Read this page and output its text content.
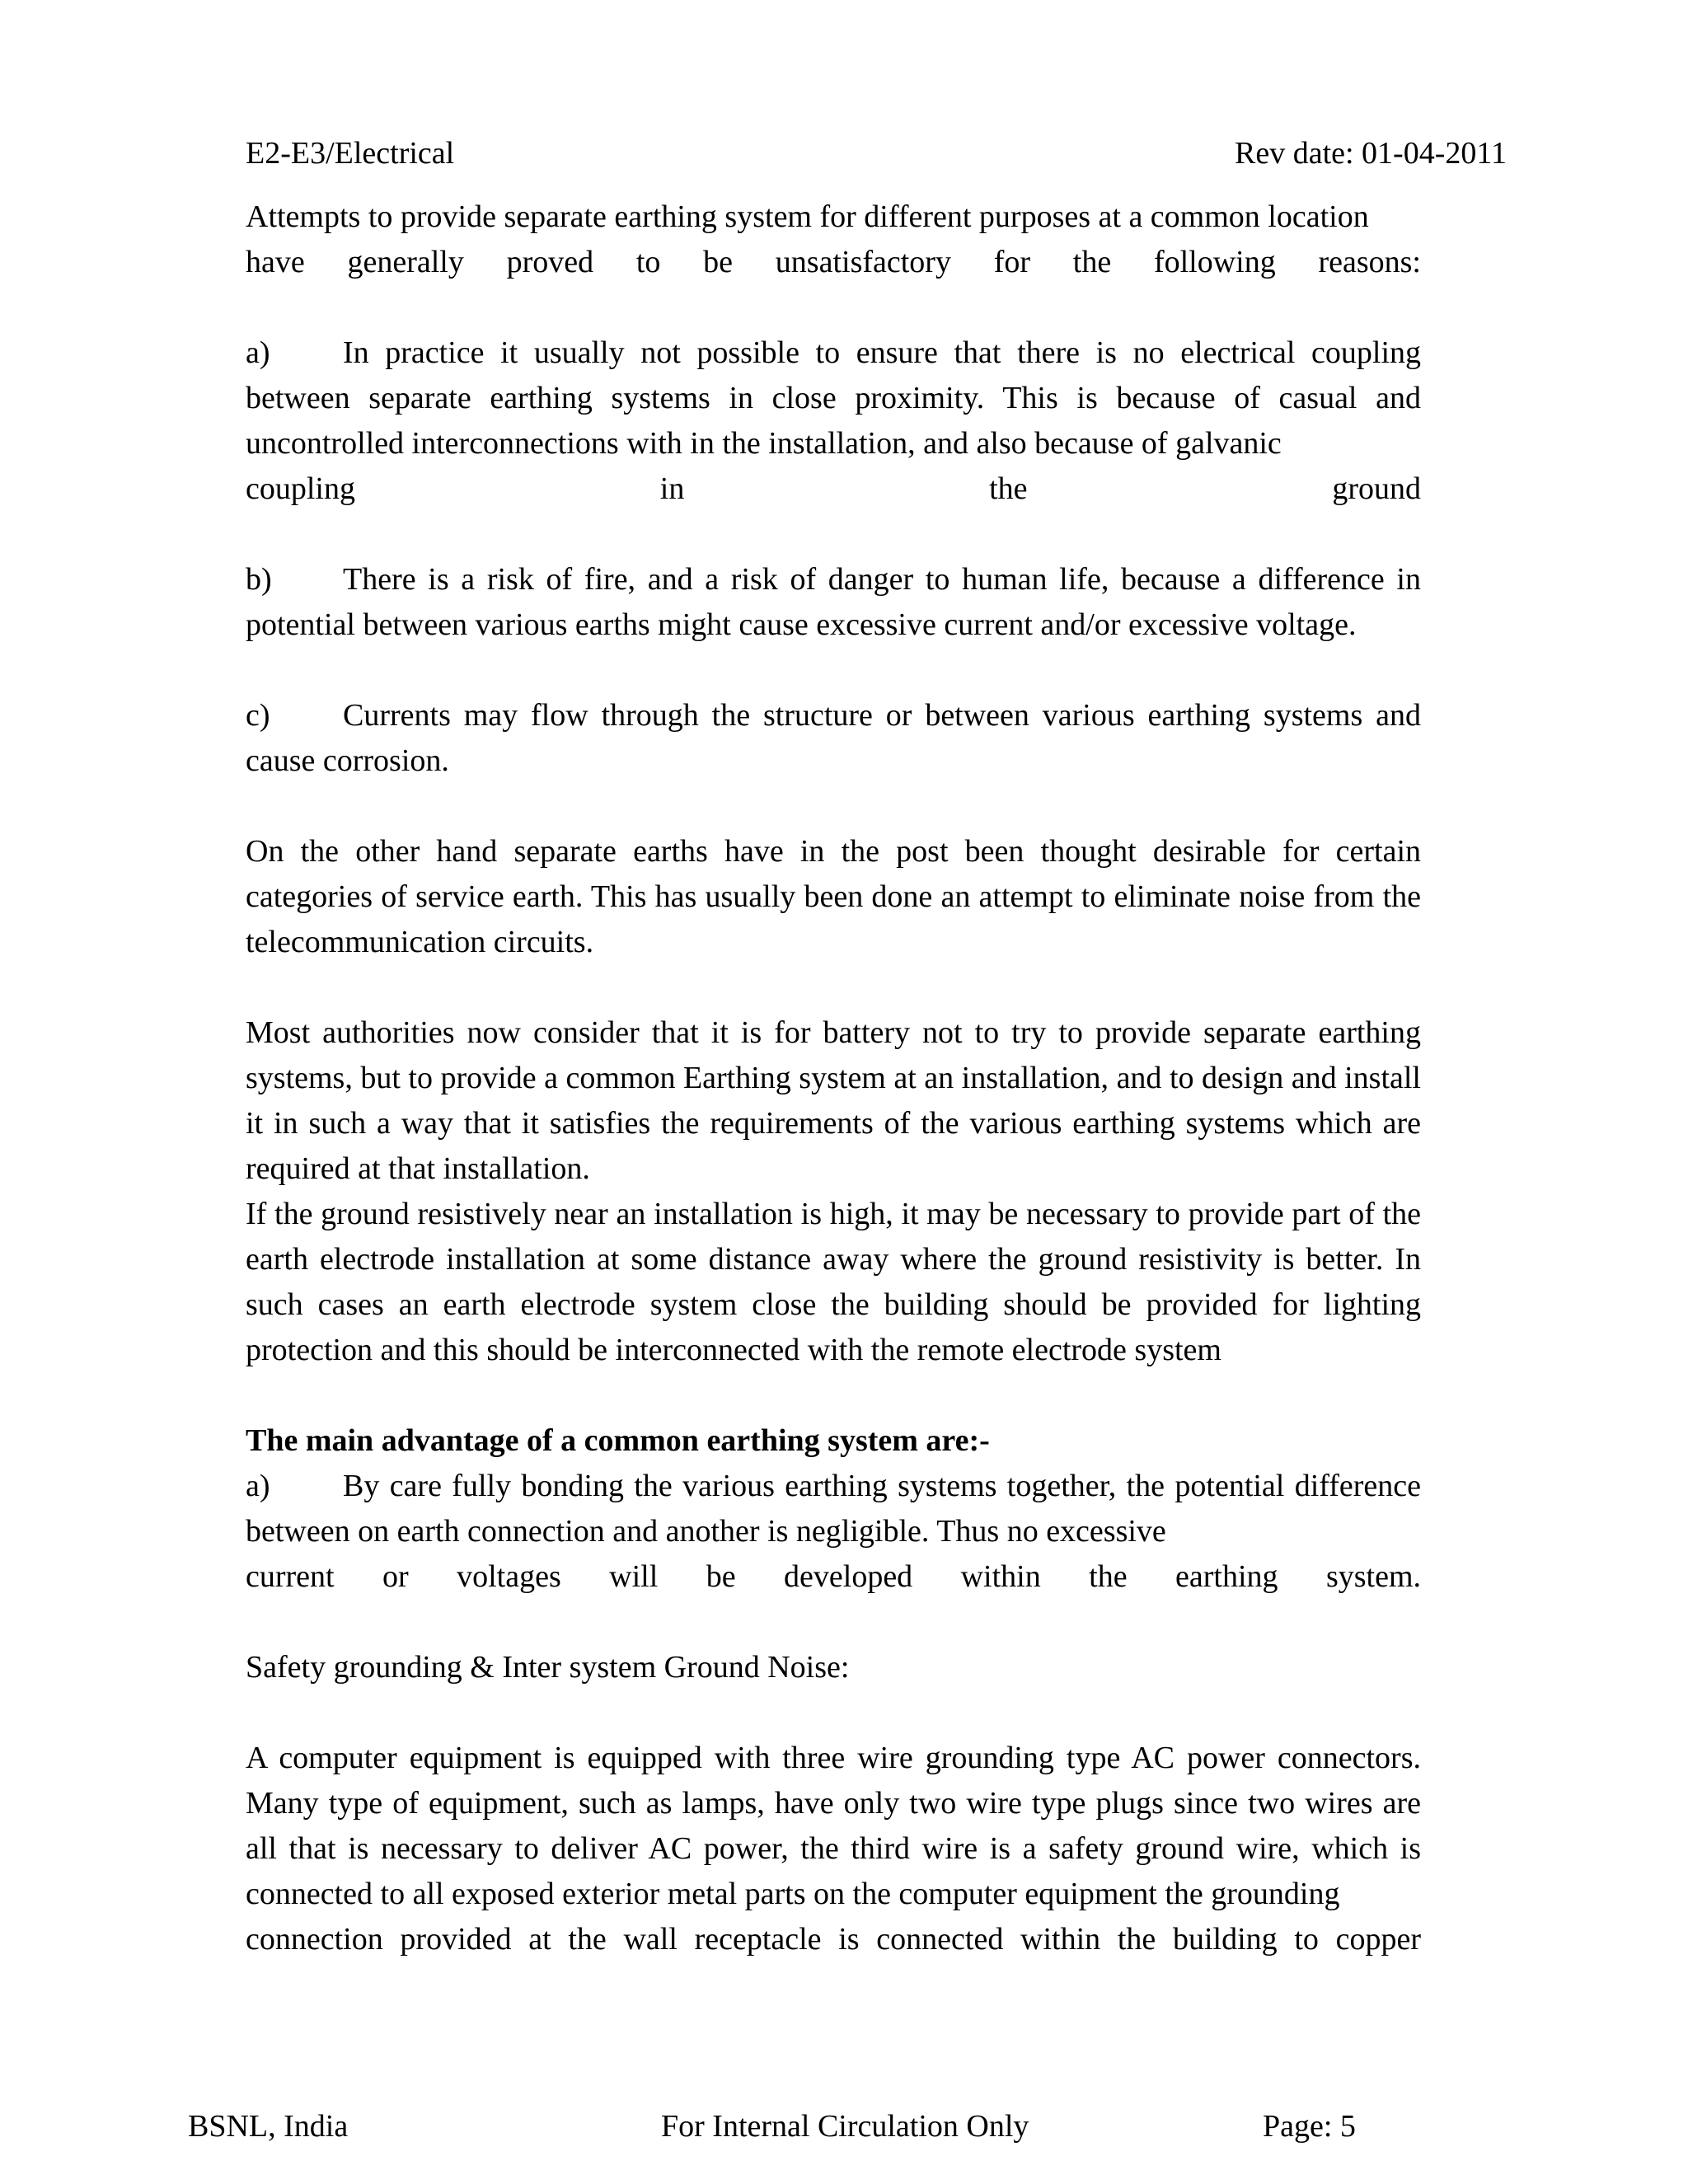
E2-E3/Electrical	Rev date: 01-04-2011

Attempts to provide separate earthing system for different purposes at a common location

have generally proved to be unsatisfactory for the following reasons:

a) In practice it usually not possible to ensure that there is no electrical coupling between separate earthing systems in close proximity. This is because of casual and uncontrolled interconnections with in the installation, and also because of galvanic

coupling in the ground

b) There is a risk of fire, and a risk of danger to human life, because a difference in potential between various earths might cause excessive current and/or excessive voltage.

c) Currents may flow through the structure or between various earthing systems and cause corrosion.

On the other hand separate earths have in the post been thought desirable for certain categories of service earth. This has usually been done an attempt to eliminate noise from the telecommunication circuits.

Most authorities now consider that it is for battery not to try to provide separate earthing systems, but to provide a common Earthing system at an installation, and to design and install it in such a way that it satisfies the requirements of the various earthing systems which are required at that installation.

If the ground resistively near an installation is high, it may be necessary to provide part of the earth electrode installation at some distance away where the ground resistivity is better. In such cases an earth electrode system close the building should be provided for lighting protection and this should be interconnected with the remote electrode system

The main advantage of a common earthing system are:-

a) By care fully bonding the various earthing systems together, the potential difference between on earth connection and another is negligible. Thus no excessive

current or voltages will be developed within the earthing system.

Safety grounding & Inter system Ground Noise:

A computer equipment is equipped with three wire grounding type AC power connectors. Many type of equipment, such as lamps, have only two wire type plugs since two wires are all that is necessary to deliver AC power, the third wire is a safety ground wire, which is connected to all exposed exterior metal parts on the computer equipment the grounding

connection provided at the wall receptacle is connected within the building to copper

BSNL, India	For Internal Circulation Only	Page: 5
